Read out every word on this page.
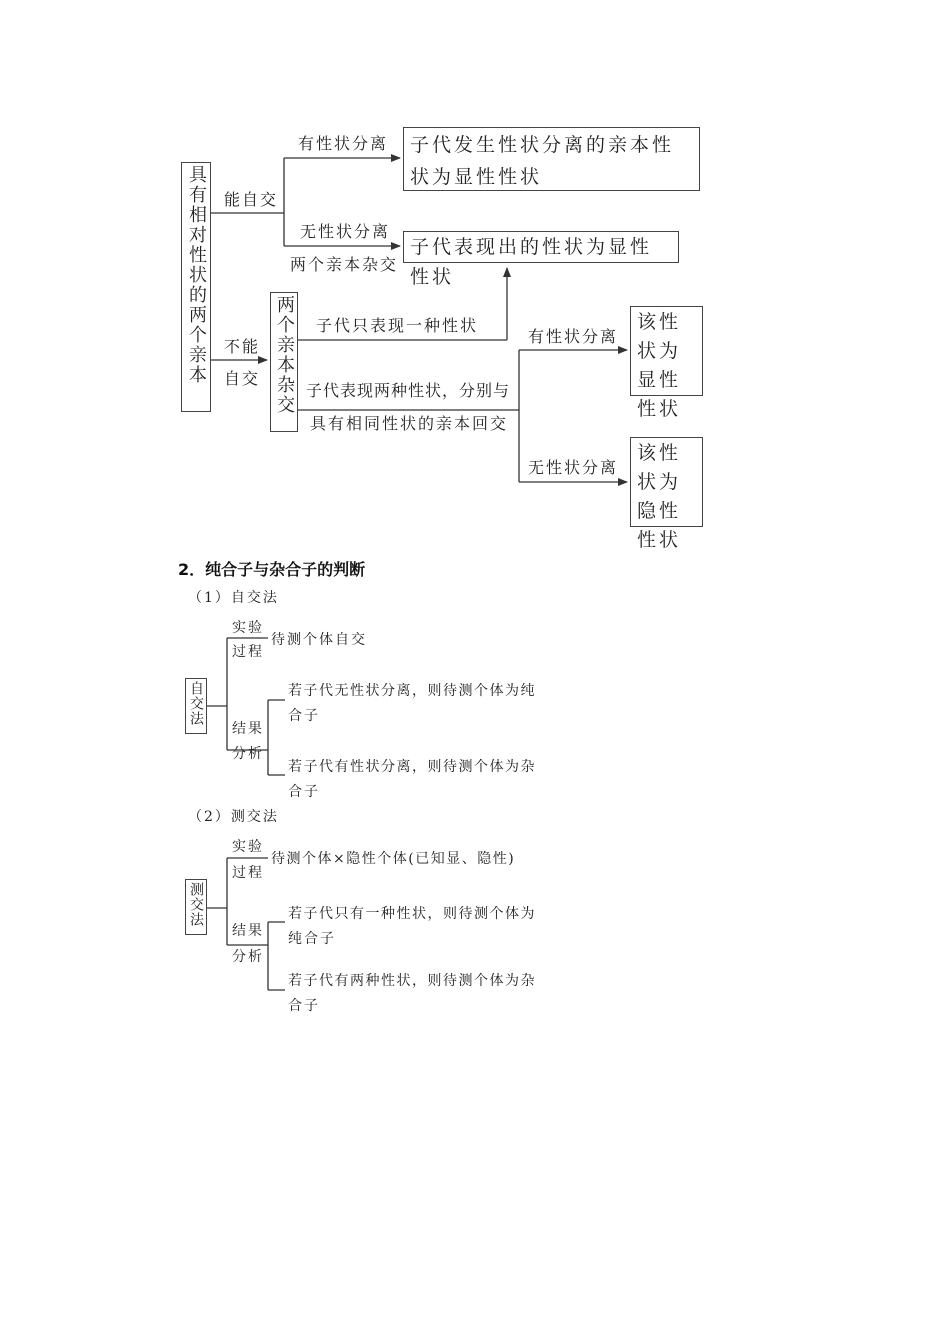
具有相对性状的两个亲本 能自交
不能
自交
有性状分离
无性状分离
两个亲本杂交
子代发生性状分离的亲本性状为显性性状
子代表现出的性状为显性性状
两个亲本杂交 子代只表现一种性状
子代表现两种性状，分别与
具有相同性状的亲本回交
有性状分离
无性状分离
该性状为显性性状
该性状为隐性性状
2．纯合子与杂合子的判断
（1）自交法
自交法
实验
过程
待测个体自交
结果
分析
若子代无性状分离，则待测个体为纯
合子
若子代有性状分离，则待测个体为杂
合子
（2）测交法
测交法
实验
过程
待测个体×隐性个体(已知显、隐性)
结果
分析
若子代只有一种性状，则待测个体为
纯合子
若子代有两种性状，则待测个体为杂
合子
